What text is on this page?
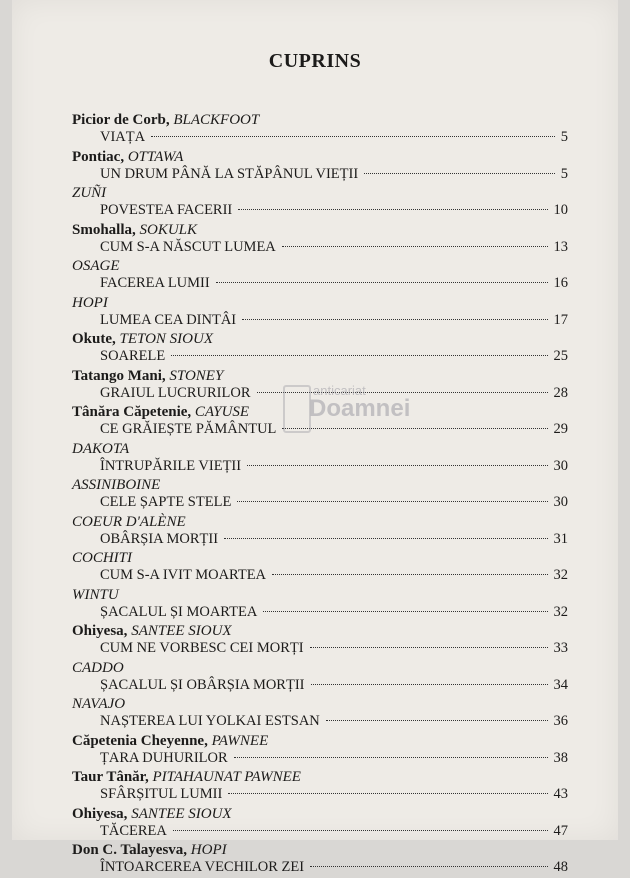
CUPRINS
Picior de Corb, BLACKFOOT
VIAȚA	5
Pontiac, OTTAWA
UN DRUM PÂNĂ LA STĂPÂNUL VIEȚII	5
ZUÑI
POVESTEA FACERII	10
Smohalla, SOKULK
CUM S-A NĂSCUT LUMEA	13
OSAGE
FACEREA LUMII	16
HOPI
LUMEA CEA DINTÂI	17
Okute, TETON SIOUX
SOARELE	25
Tatango Mani, STONEY
GRAIUL LUCRURILOR	28
Tânăra Căpetenie, CAYUSE
CE GRĂIEȘTE PĂMÂNTUL	29
DAKOTA
ÎNTRUPĂRILE VIEȚII	30
ASSINIBOINE
CELE ȘAPTE STELE	30
COEUR D'ALÈNE
OBÂRȘIA MORȚII	31
COCHITI
CUM S-A IVIT MOARTEA	32
WINTU
ȘACALUL ȘI MOARTEA	32
Ohiyesa, SANTEE SIOUX
CUM NE VORBESC CEI MORȚI	33
CADDO
ȘACALUL ȘI OBÂRȘIA MORȚII	34
NAVAJO
NAȘTEREA LUI YOLKAI ESTSAN	36
Căpetenia Cheyenne, PAWNEE
ȚARA DUHURILOR	38
Taur Tânăr, PITAHAUNAT PAWNEE
SFÂRȘITUL LUMII	43
Ohiyesa, SANTEE SIOUX
TĂCEREA	47
Don C. Talayesva, HOPI
ÎNTOARCEREA VECHILOR ZEI	48
anticariat
Doamnei
